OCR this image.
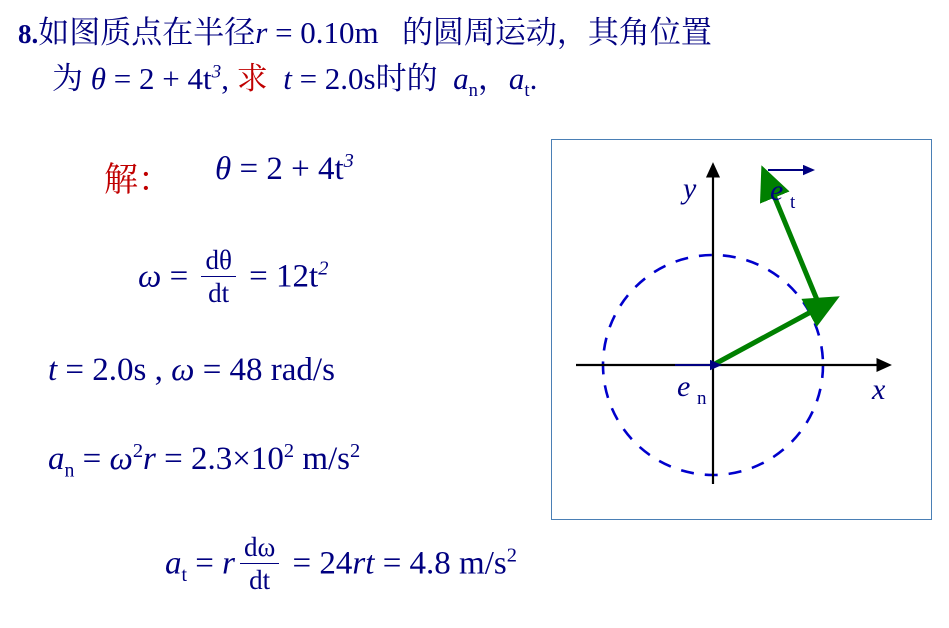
8.如图质点在半径r = 0.10m 的圆周运动，其角位置
为 $\theta = 2 + 4t^3$, 求 t = 2.0s时的 $a_n$，$a_t$.
解： $\theta = 2 + 4t^3$
$\omega = \frac{d\theta}{dt} = 12t^2$
t = 2.0s , ω = 48 rad/s
$a_n = \omega^2r = 2.3\times 10^2$ $m/s^2$
$a_t = r \frac{d\omega}{dt} = 24rt = 4.8$ $m/s^2$
y
x
e t
e n
